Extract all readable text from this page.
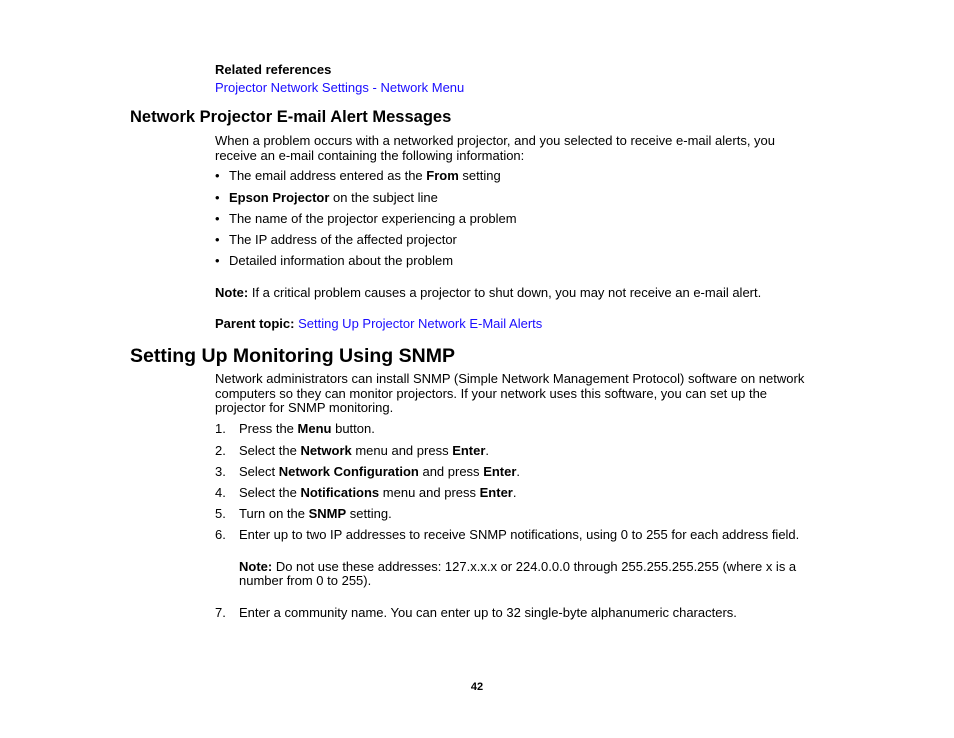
Related references
Projector Network Settings - Network Menu
Network Projector E-mail Alert Messages
When a problem occurs with a networked projector, and you selected to receive e-mail alerts, you
receive an e-mail containing the following information:
• The email address entered as the From setting
• Epson Projector on the subject line
• The name of the projector experiencing a problem
• The IP address of the affected projector
• Detailed information about the problem
Note: If a critical problem causes a projector to shut down, you may not receive an e-mail alert.
Parent topic: Setting Up Projector Network E-Mail Alerts
Setting Up Monitoring Using SNMP
Network administrators can install SNMP (Simple Network Management Protocol) software on network
computers so they can monitor projectors. If your network uses this software, you can set up the
projector for SNMP monitoring.
1. Press the Menu button.
2. Select the Network menu and press Enter.
3. Select Network Configuration and press Enter.
4. Select the Notifications menu and press Enter.
5. Turn on the SNMP setting.
6. Enter up to two IP addresses to receive SNMP notifications, using 0 to 255 for each address field.
Note: Do not use these addresses: 127.x.x.x or 224.0.0.0 through 255.255.255.255 (where x is a
number from 0 to 255).
7. Enter a community name. You can enter up to 32 single-byte alphanumeric characters.
42
